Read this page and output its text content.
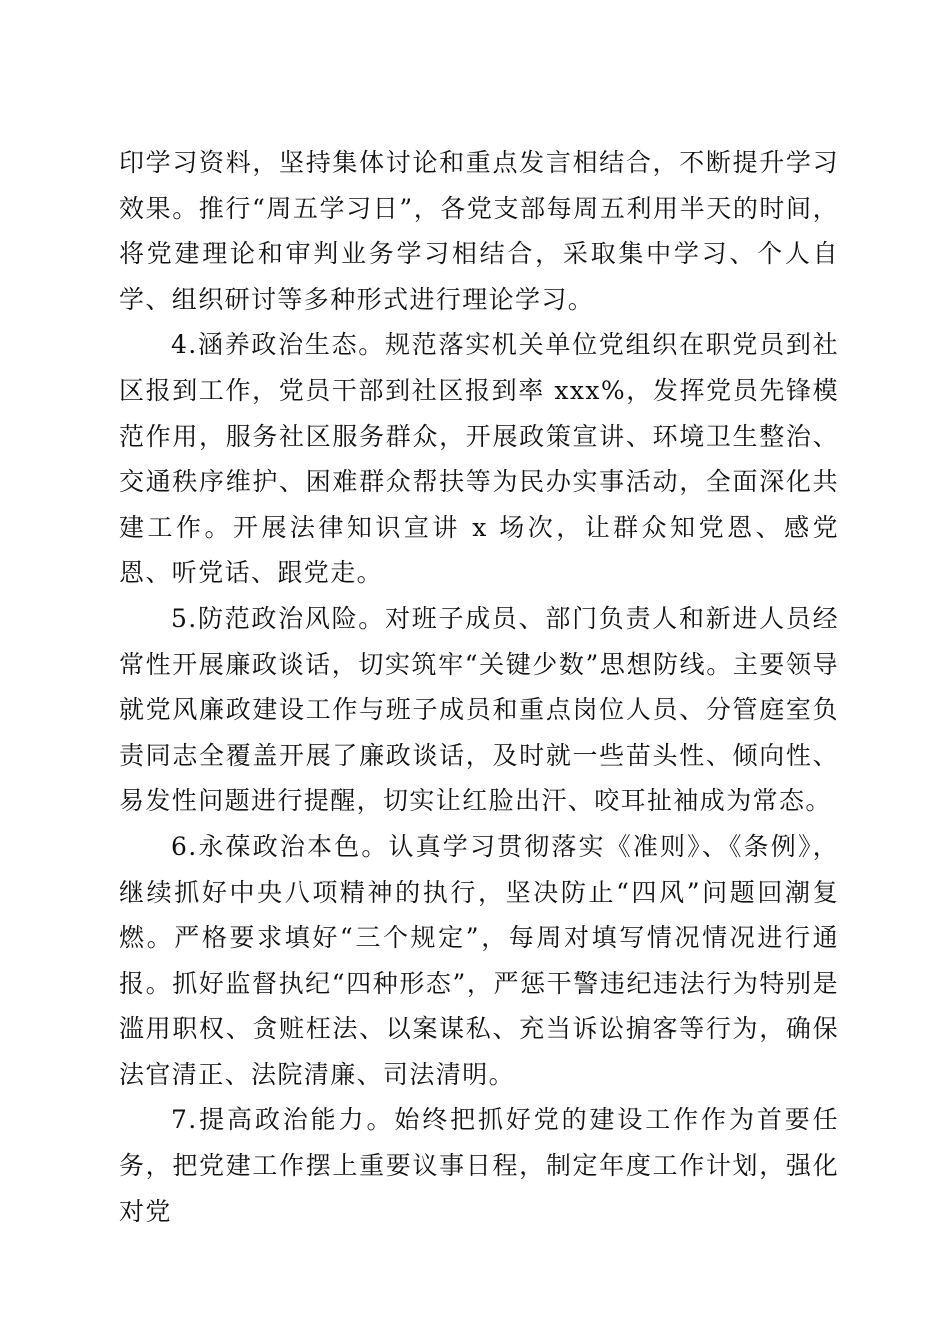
印学习资料，坚持集体讨论和重点发言相结合，不断提升学习效果。推行“周五学习日”，各党支部每周五利用半天的时间，将党建理论和审判业务学习相结合，采取集中学习、个人自学、组织研讨等多种形式进行理论学习。

4.涵养政治生态。规范落实机关单位党组织在职党员到社区报到工作，党员干部到社区报到率 xxx%，发挥党员先锋模范作用，服务社区服务群众，开展政策宣讲、环境卫生整治、交通秩序维护、困难群众帮扶等为民办实事活动，全面深化共建工作。开展法律知识宣讲 x 场次，让群众知党恩、感党恩、听党话、跟党走。

5.防范政治风险。对班子成员、部门负责人和新进人员经常性开展廉政谈话，切实筑牢“关键少数”思想防线。主要领导就党风廉政建设工作与班子成员和重点岗位人员、分管庭室负责同志全覆盖开展了廉政谈话，及时就一些苗头性、倾向性、易发性问题进行提醒，切实让红脸出汗、咬耳扯袖成为常态。

6.永葆政治本色。认真学习贯彻落实《准则》、《条例》，继续抓好中央八项精神的执行，坚决防止“四风”问题回潮复燃。严格要求填好“三个规定”，每周对填写情况情况进行通报。抓好监督执纪“四种形态”，严惩干警违纪违法行为特别是滥用职权、贪赃枉法、以案谋私、充当诉讼掮客等行为，确保法官清正、法院清廉、司法清明。

7.提高政治能力。始终把抓好党的建设工作作为首要任务，把党建工作摆上重要议事日程，制定年度工作计划，强化对党
